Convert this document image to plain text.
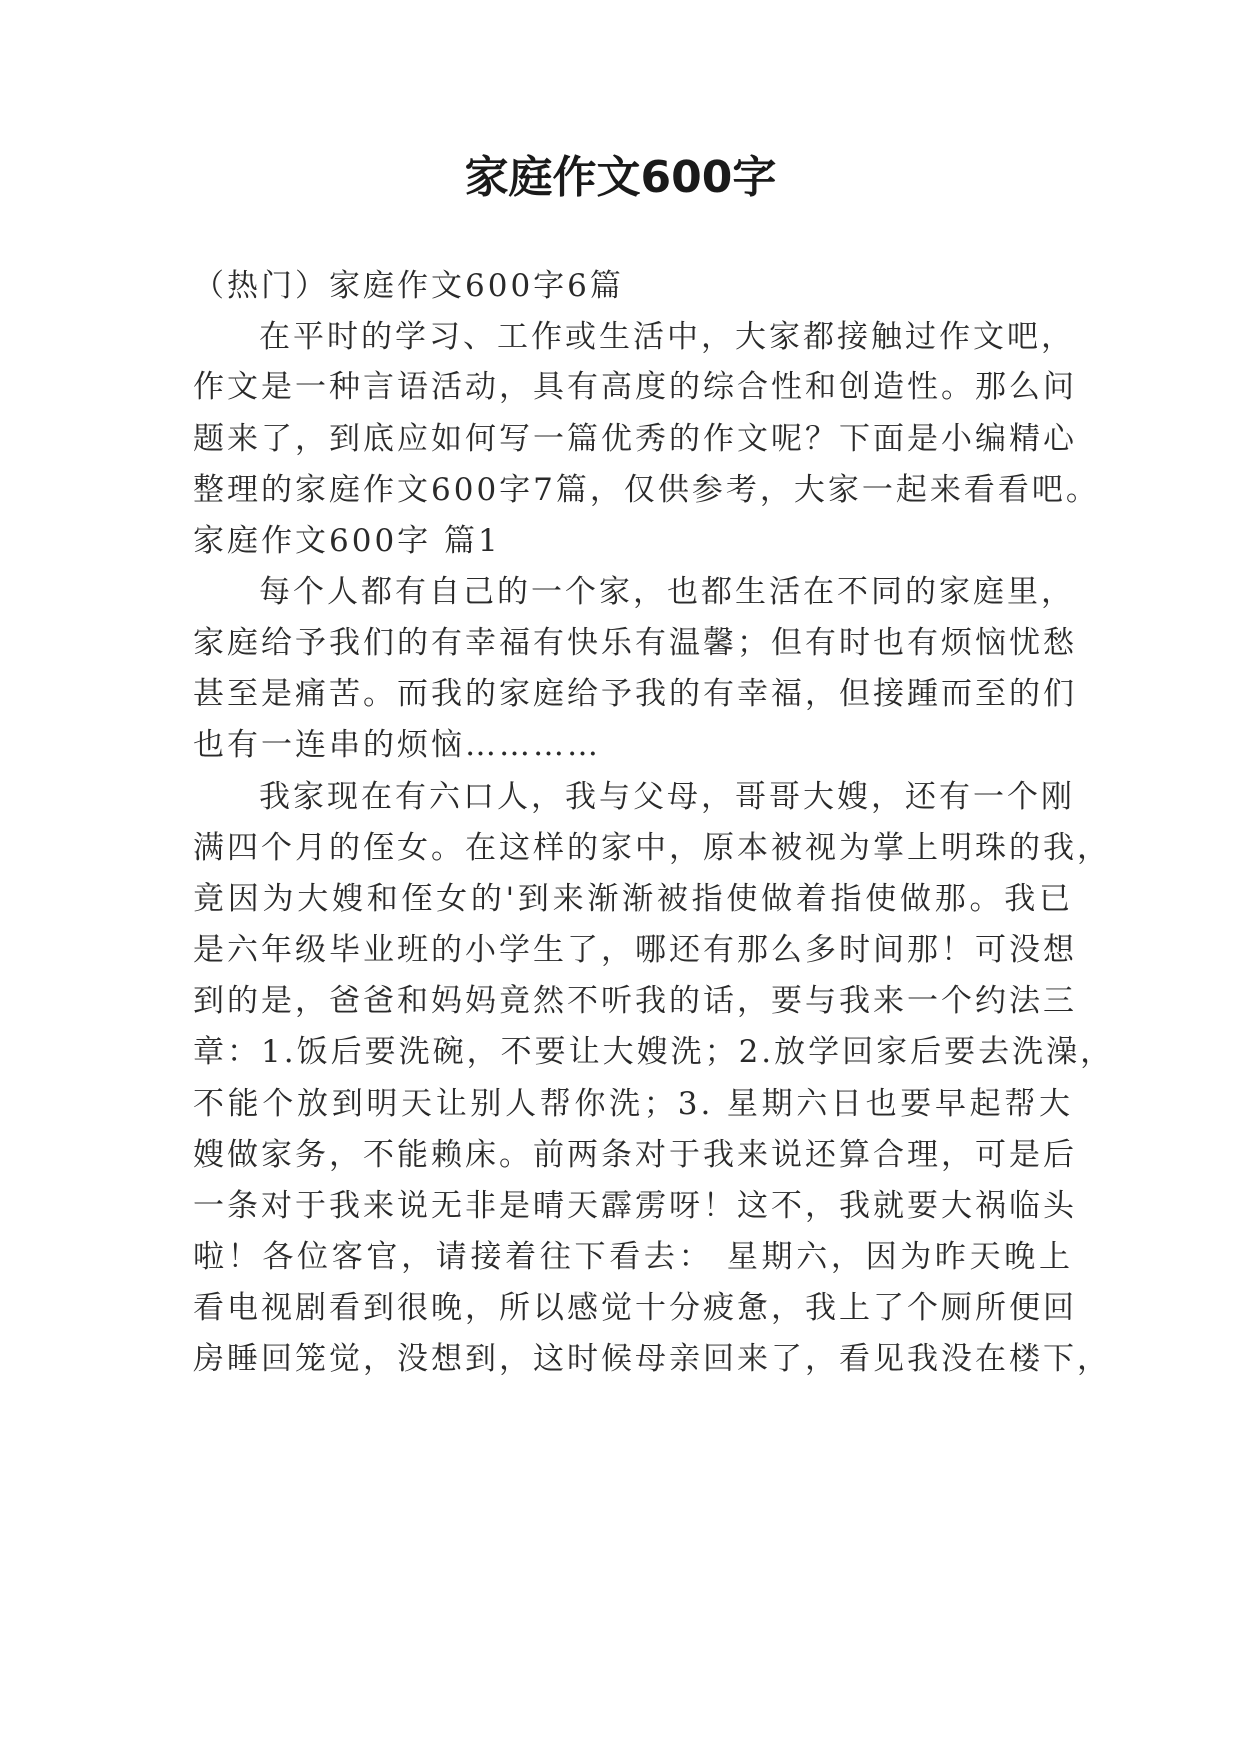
家庭作文600字

（热门）家庭作文600字6篇

在平时的学习、工作或生活中，大家都接触过作文吧，

作文是一种言语活动，具有高度的综合性和创造性。那么问

题来了，到底应如何写一篇优秀的作文呢？下面是小编精心

整理的家庭作文600字7篇，仅供参考，大家一起来看看吧。

家庭作文600字 篇1

每个人都有自己的一个家，也都生活在不同的家庭里，

家庭给予我们的有幸福有快乐有温馨；但有时也有烦恼忧愁

甚至是痛苦。而我的家庭给予我的有幸福，但接踵而至的们

也有一连串的烦恼…………

我家现在有六口人，我与父母，哥哥大嫂，还有一个刚

满四个月的侄女。在这样的家中，原本被视为掌上明珠的我，

竟因为大嫂和侄女的'到来渐渐被指使做着指使做那。我已

是六年级毕业班的小学生了，哪还有那么多时间那！可没想

到的是，爸爸和妈妈竟然不听我的话，要与我来一个约法三

章：1.饭后要洗碗，不要让大嫂洗；2.放学回家后要去洗澡，

不能个放到明天让别人帮你洗；3. 星期六日也要早起帮大

嫂做家务，不能赖床。前两条对于我来说还算合理，可是后

一条对于我来说无非是晴天霹雳呀！这不，我就要大祸临头

啦！各位客官，请接着往下看去： 星期六，因为昨天晚上

看电视剧看到很晚，所以感觉十分疲惫，我上了个厕所便回

房睡回笼觉，没想到，这时候母亲回来了，看见我没在楼下，
